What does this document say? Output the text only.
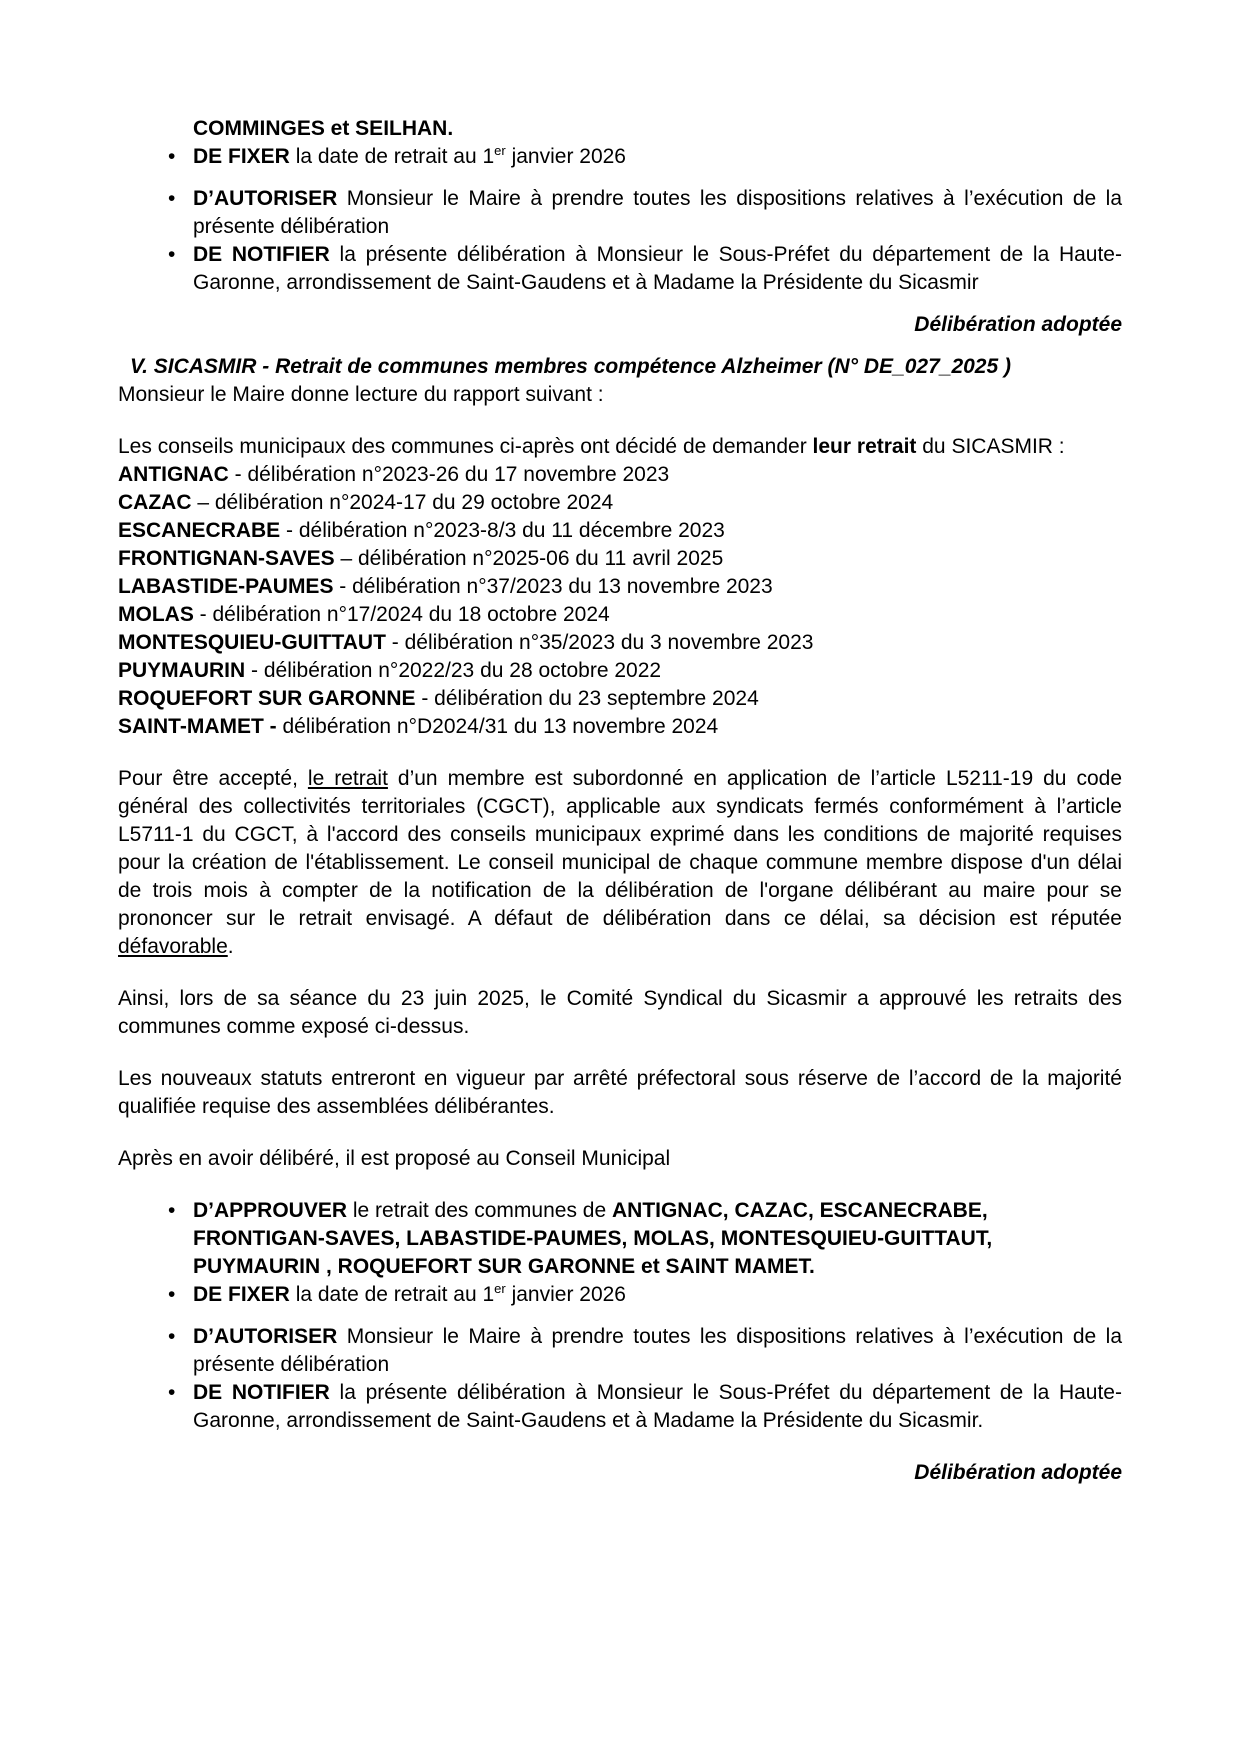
COMMINGES et SEILHAN.

• DE FIXER la date de retrait au 1er janvier 2026
• D’AUTORISER Monsieur le Maire à prendre toutes les dispositions relatives à l’exécution de la présente délibération
• DE NOTIFIER la présente délibération à Monsieur le Sous-Préfet du département de la Haute-Garonne, arrondissement de Saint-Gaudens et à Madame la Présidente du Sicasmir

Délibération adoptée

V. SICASMIR - Retrait de communes membres compétence Alzheimer (N° DE_027_2025 )

Monsieur le Maire donne lecture du rapport suivant :

Les conseils municipaux des communes ci-après ont décidé de demander leur retrait du SICASMIR :

ANTIGNAC - délibération n°2023-26 du 17 novembre 2023

CAZAC – délibération n°2024-17 du 29 octobre 2024

ESCANECRABE - délibération n°2023-8/3 du 11 décembre 2023

FRONTIGNAN-SAVES – délibération n°2025-06 du 11 avril 2025

LABASTIDE-PAUMES - délibération n°37/2023 du 13 novembre 2023

MOLAS - délibération n°17/2024 du 18 octobre 2024

MONTESQUIEU-GUITTAUT - délibération n°35/2023 du 3 novembre 2023

PUYMAURIN - délibération n°2022/23 du 28 octobre 2022

ROQUEFORT SUR GARONNE - délibération du 23 septembre 2024

SAINT-MAMET - délibération n°D2024/31 du 13 novembre 2024

Pour être accepté, le retrait d’un membre est subordonné en application de l’article L5211-19 du code général des collectivités territoriales (CGCT), applicable aux syndicats fermés conformément à l’article L5711-1 du CGCT, à l'accord des conseils municipaux exprimé dans les conditions de majorité requises pour la création de l'établissement. Le conseil municipal de chaque commune membre dispose d'un délai de trois mois à compter de la notification de la délibération de l'organe délibérant au maire pour se prononcer sur le retrait envisagé. A défaut de délibération dans ce délai, sa décision est réputée défavorable.

Ainsi, lors de sa séance du 23 juin 2025, le Comité Syndical du Sicasmir a approuvé les retraits des communes comme exposé ci-dessus.

Les nouveaux statuts entreront en vigueur par arrêté préfectoral sous réserve de l’accord de la majorité qualifiée requise des assemblées délibérantes.

Après en avoir délibéré, il est proposé au Conseil Municipal

• D’APPROUVER le retrait des communes de ANTIGNAC, CAZAC, ESCANECRABE, FRONTIGAN-SAVES, LABASTIDE-PAUMES, MOLAS, MONTESQUIEU-GUITTAUT, PUYMAURIN , ROQUEFORT SUR GARONNE et SAINT MAMET.
• DE FIXER la date de retrait au 1er janvier 2026
• D’AUTORISER Monsieur le Maire à prendre toutes les dispositions relatives à l’exécution de la présente délibération
• DE NOTIFIER la présente délibération à Monsieur le Sous-Préfet du département de la Haute-Garonne, arrondissement de Saint-Gaudens et à Madame la Présidente du Sicasmir.

Délibération adoptée
